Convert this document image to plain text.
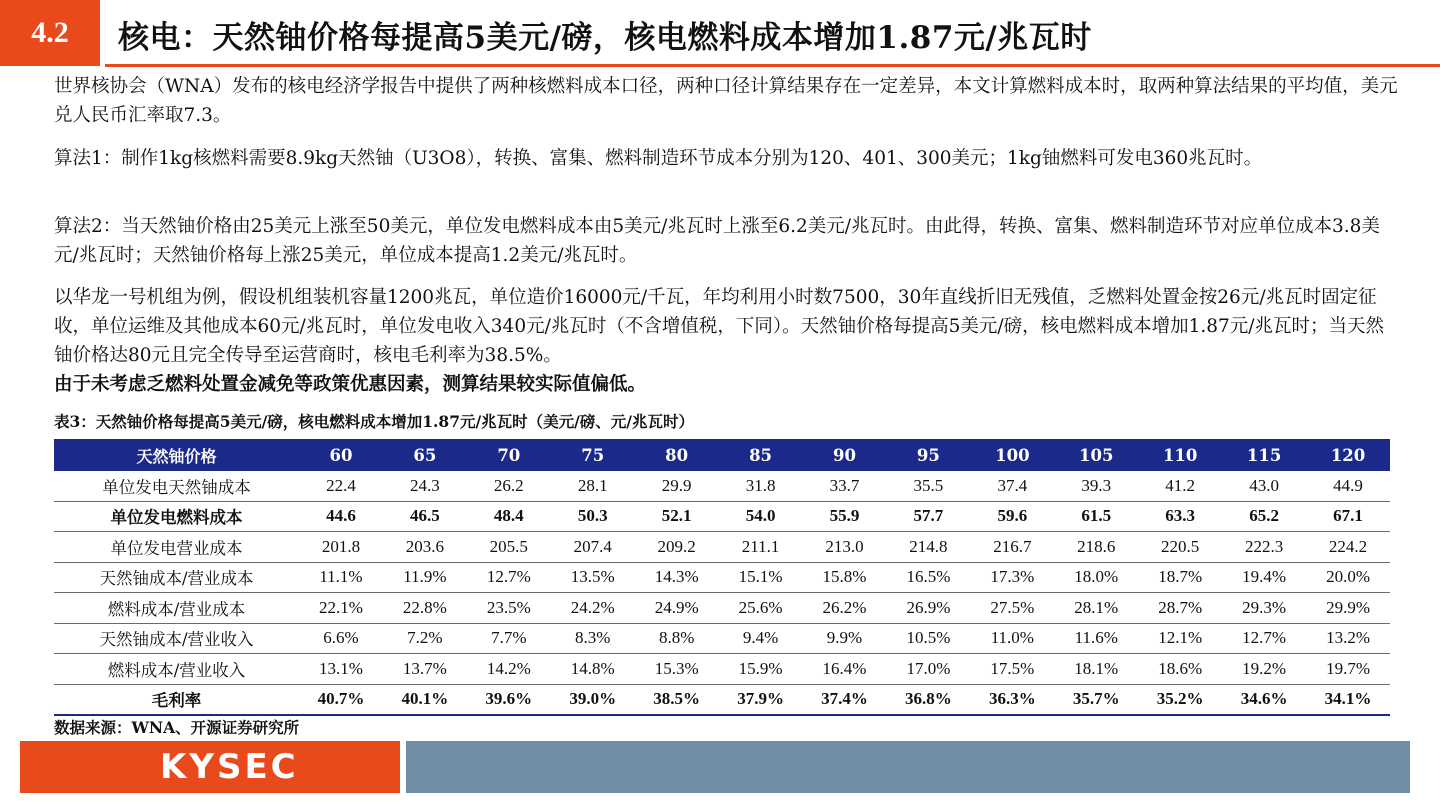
4.2	核电：天然铀价格每提高5美元/磅，核电燃料成本增加1.87元/兆瓦时
世界核协会（WNA）发布的核电经济学报告中提供了两种核燃料成本口径，两种口径计算结果存在一定差异，本文计算燃料成本时，取两种算法结果的平均值，美元兑人民币汇率取7.3。
算法1：制作1kg核燃料需要8.9kg天然铀（U3O8），转换、富集、燃料制造环节成本分别为120、401、300美元；1kg铀燃料可发电360兆瓦时。
算法2：当天然铀价格由25美元上涨至50美元，单位发电燃料成本由5美元/兆瓦时上涨至6.2美元/兆瓦时。由此得，转换、富集、燃料制造环节对应单位成本3.8美元/兆瓦时；天然铀价格每上涨25美元，单位成本提高1.2美元/兆瓦时。
以华龙一号机组为例，假设机组装机容量1200兆瓦，单位造价16000元/千瓦，年均利用小时数7500，30年直线折旧无残值，乏燃料处置金按26元/兆瓦时固定征收，单位运维及其他成本60元/兆瓦时，单位发电收入340元/兆瓦时（不含增值税，下同）。天然铀价格每提高5美元/磅，核电燃料成本增加1.87元/兆瓦时；当天然铀价格达80元且完全传导至运营商时，核电毛利率为38.5%。
由于未考虑乏燃料处置金减免等政策优惠因素，测算结果较实际值偏低。
表3：天然铀价格每提高5美元/磅，核电燃料成本增加1.87元/兆瓦时（美元/磅、元/兆瓦时）
天然铀价格	60	65	70	75	80	85	90	95	100	105	110	115	120
单位发电天然铀成本	22.4	24.3	26.2	28.1	29.9	31.8	33.7	35.5	37.4	39.3	41.2	43.0	44.9
单位发电燃料成本	44.6	46.5	48.4	50.3	52.1	54.0	55.9	57.7	59.6	61.5	63.3	65.2	67.1
单位发电营业成本	201.8	203.6	205.5	207.4	209.2	211.1	213.0	214.8	216.7	218.6	220.5	222.3	224.2
天然铀成本/营业成本	11.1%	11.9%	12.7%	13.5%	14.3%	15.1%	15.8%	16.5%	17.3%	18.0%	18.7%	19.4%	20.0%
燃料成本/营业成本	22.1%	22.8%	23.5%	24.2%	24.9%	25.6%	26.2%	26.9%	27.5%	28.1%	28.7%	29.3%	29.9%
天然铀成本/营业收入	6.6%	7.2%	7.7%	8.3%	8.8%	9.4%	9.9%	10.5%	11.0%	11.6%	12.1%	12.7%	13.2%
燃料成本/营业收入	13.1%	13.7%	14.2%	14.8%	15.3%	15.9%	16.4%	17.0%	17.5%	18.1%	18.6%	19.2%	19.7%
毛利率	40.7%	40.1%	39.6%	39.0%	38.5%	37.9%	37.4%	36.8%	36.3%	35.7%	35.2%	34.6%	34.1%
数据来源：WNA、开源证券研究所
KYSEC
